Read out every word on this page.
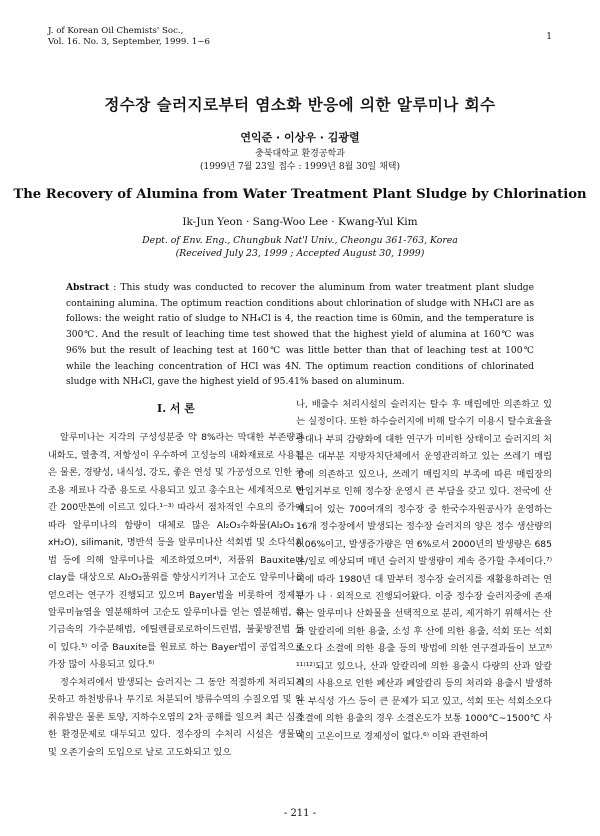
J. of Korean Oil Chemists' Soc.,
Vol. 16. No. 3, September, 1999. 1~6	1
정수장 슬러지로부터 염소화 반응에 의한 알루미나 회수
연익준 · 이상우 · 김광렬
충북대학교 환경공학과
(1999년 7월 23일 접수 : 1999년 8월 30일 채택)
The Recovery of Alumina from Water Treatment Plant Sludge by Chlorination
Ik-Jun Yeon · Sang-Woo Lee · Kwang-Yul Kim
Dept. of Env. Eng., Chungbuk Nat'l Univ., Cheongu 361-763, Korea
(Received July 23, 1999 ; Accepted August 30, 1999)
Abstract : This study was conducted to recover the aluminum from water treatment plant sludge containing alumina. The optimum reaction conditions about chlorination of sludge with NH₄Cl are as follows: the weight ratio of sludge to NH₄Cl is 4, the reaction time is 60min, and the temperature is 300℃. And the result of leaching time test showed that the highest yield of alumina at 160℃ was 96% but the result of leaching test at 160℃ was little better than that of leaching test at 100℃ while the leaching concentration of HCl was 4N. The optimum reaction conditions of chlorinated sludge with NH₄Cl, gave the highest yield of 95.41% based on aluminum.
Ⅰ. 서 론

알루미나는 지각의 구성성분중 약 8%라는 막대한 부존량과 내화도, 열충격, 저항성이 우수하여 고성능의 내화재료로 사용됨은 물론, 경량성, 내식성, 강도, 좋은 연성 및 가공성으로 인한 구조용 재료나 각종 용도로 사용되고 있고 총수요는 세계적으로 연간 200만톤에 이르고 있다.¹⁻³⁾ 따라서 점차적인 수요의 증가에 따라 알루미나의 함량이 대체로 많은 Al₂O₃수화물(Al₂O₃ · xH₂O), silimanit, 명반석 등을 알루미나산 석회법 및 소다석회법 등에 의해 알루미나를 제조하였으며⁴⁾, 저품위 Bauxite나 clay를 대상으로 Al₂O₃품위를 향상시키거나 고순도 알루미나를 얻으려는 연구가 진행되고 있으며 Bayer법을 비롯하여 정제된 알루미늄염을 열분해하여 고순도 알루미나를 얻는 열분해법, 유기금속의 가수분해법, 에틸렌클로로하이드린법, 불꽃방전법 등이 있다.⁵⁾ 이중 Bauxite를 원료로 하는 Bayer법이 공업적으로 가장 많이 사용되고 있다.⁶⁾

정수처리에서 발생되는 슬러지는 그 동안 적절하게 처리되지 못하고 하천방류나 투기로 처분되어 방류수역의 수질오염 및 악취유발은 물론 토양, 지하수오염의 2차 공해를 일으켜 최근 심각한 환경문제로 대두되고 있다. 정수장의 수처리 시설은 생물막 및 오존기술의 도입으로 날로 고도화되고 있으

나, 배출수 처리시설의 슬러지는 탈수 후 매립에만 의존하고 있는 실정이다. 또한 하수슬러지에 비해 탈수기 이용시 탈수효율을 증대나 부피 감량화에 대한 연구가 미비한 상태이고 슬러지의 처분은 대부분 지방자치단체에서 운영관리하고 있는 쓰레기 매립장에 의존하고 있으나, 쓰레기 매립지의 부족에 따른 매립장의 반입거부로 인해 정수장 운영시 큰 부담을 갖고 있다. 전국에 산재되어 있는 700여개의 정수장 중 한국수자원공사가 운영하는 16개 정수장에서 발생되는 정수장 슬러지의 양은 정수 생산량의 0.06%이고, 발생증가량은 연 6%로서 2000년의 발생량은 685톤/일로 예상되며 매년 슬러지 발생량이 계속 증가할 추세이다.⁷⁾ 이에 따라 1980년 대 말부터 정수장 슬러지를 재활용하려는 연구가 나 · 외적으로 진행되어왔다. 이중 정수장 슬러지중에 존재하는 알루미나 산화물을 선택적으로 분리, 제거하기 위해서는 산과 알칼리에 의한 용출, 소성 후 산에 의한 용출, 석회 또는 석회소오다 소결에 의한 용출 등의 방법에 의한 연구결과들이 보고⁸⁾¹¹⁾¹²⁾되고 있으나, 산과 알칼리에 의한 용출시 다량의 산과 알칼리의 사용으로 인한 폐산과 폐알칼리 등의 처리와 용출시 발생하는 부식성 가스 등이 큰 문제가 되고 있고, 석회 또는 석회소오다 소결에 의한 용출의 경우 소결온도가 보통 1000℃~1500℃ 사이의 고온이므로 경제성이 없다.⁶⁾ 이와 관련하여

- 211 -
